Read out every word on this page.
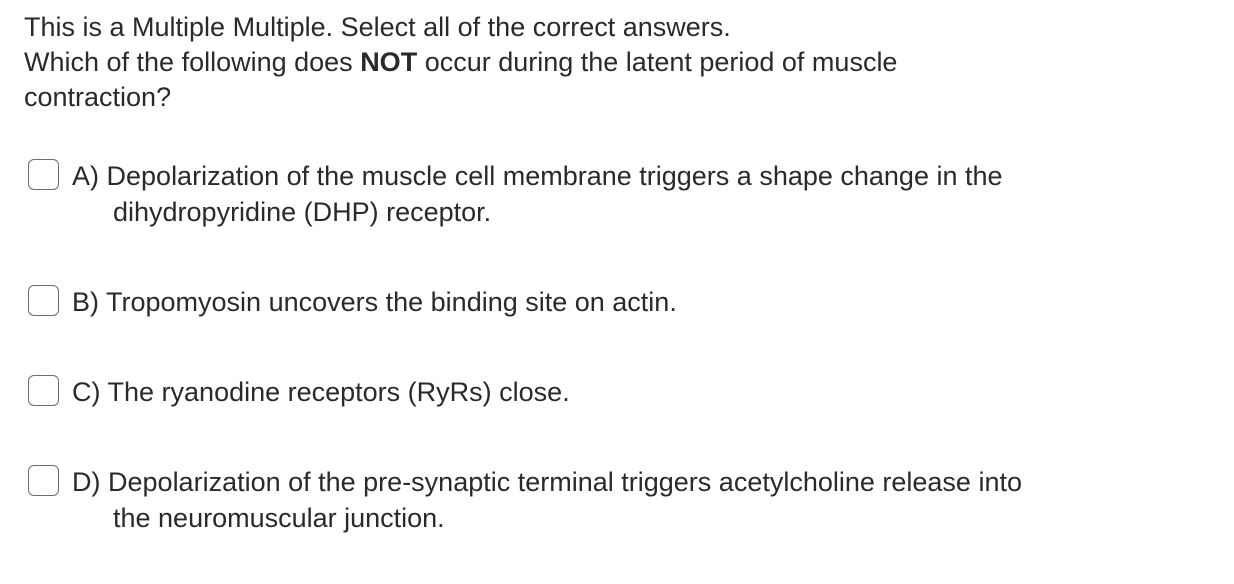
This is a Multiple Multiple. Select all of the correct answers.
Which of the following does NOT occur during the latent period of muscle
contraction?
A) Depolarization of the muscle cell membrane triggers a shape change in the
dihydropyridine (DHP) receptor.
B) Tropomyosin uncovers the binding site on actin.
C) The ryanodine receptors (RyRs) close.
D) Depolarization of the pre-synaptic terminal triggers acetylcholine release into
the neuromuscular junction.
